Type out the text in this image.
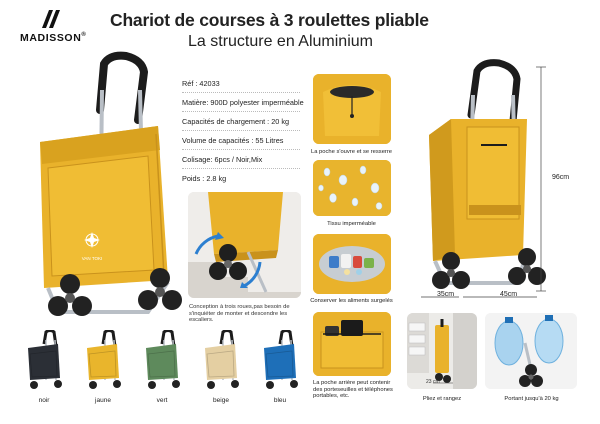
MADISSON®
Chariot de courses à 3 roulettes pliable
La structure en Aluminium
VAN TOKI
Réf : 42033
Matière: 900D polyester imperméable
Capacités de chargement : 20 kg
Volume de capacités : 55 Litres
Colisage: 6pcs / Noir,Mix
Poids : 2.8 kg
Conception à trois roues,pas besoin de s'inquiéter de monter et descendre les escaliers.
La poche s'ouvre et se resserre
Tissu imperméable
Conserver les aliments surgelés
La poche arrière peut contenir des porteseuilles et téléphones portables, etc.
96cm
35cm	45cm
23 cm
Pliez et rangez	Portant jusqu'à 20 kg
noir	jaune	vert	beige	bleu
